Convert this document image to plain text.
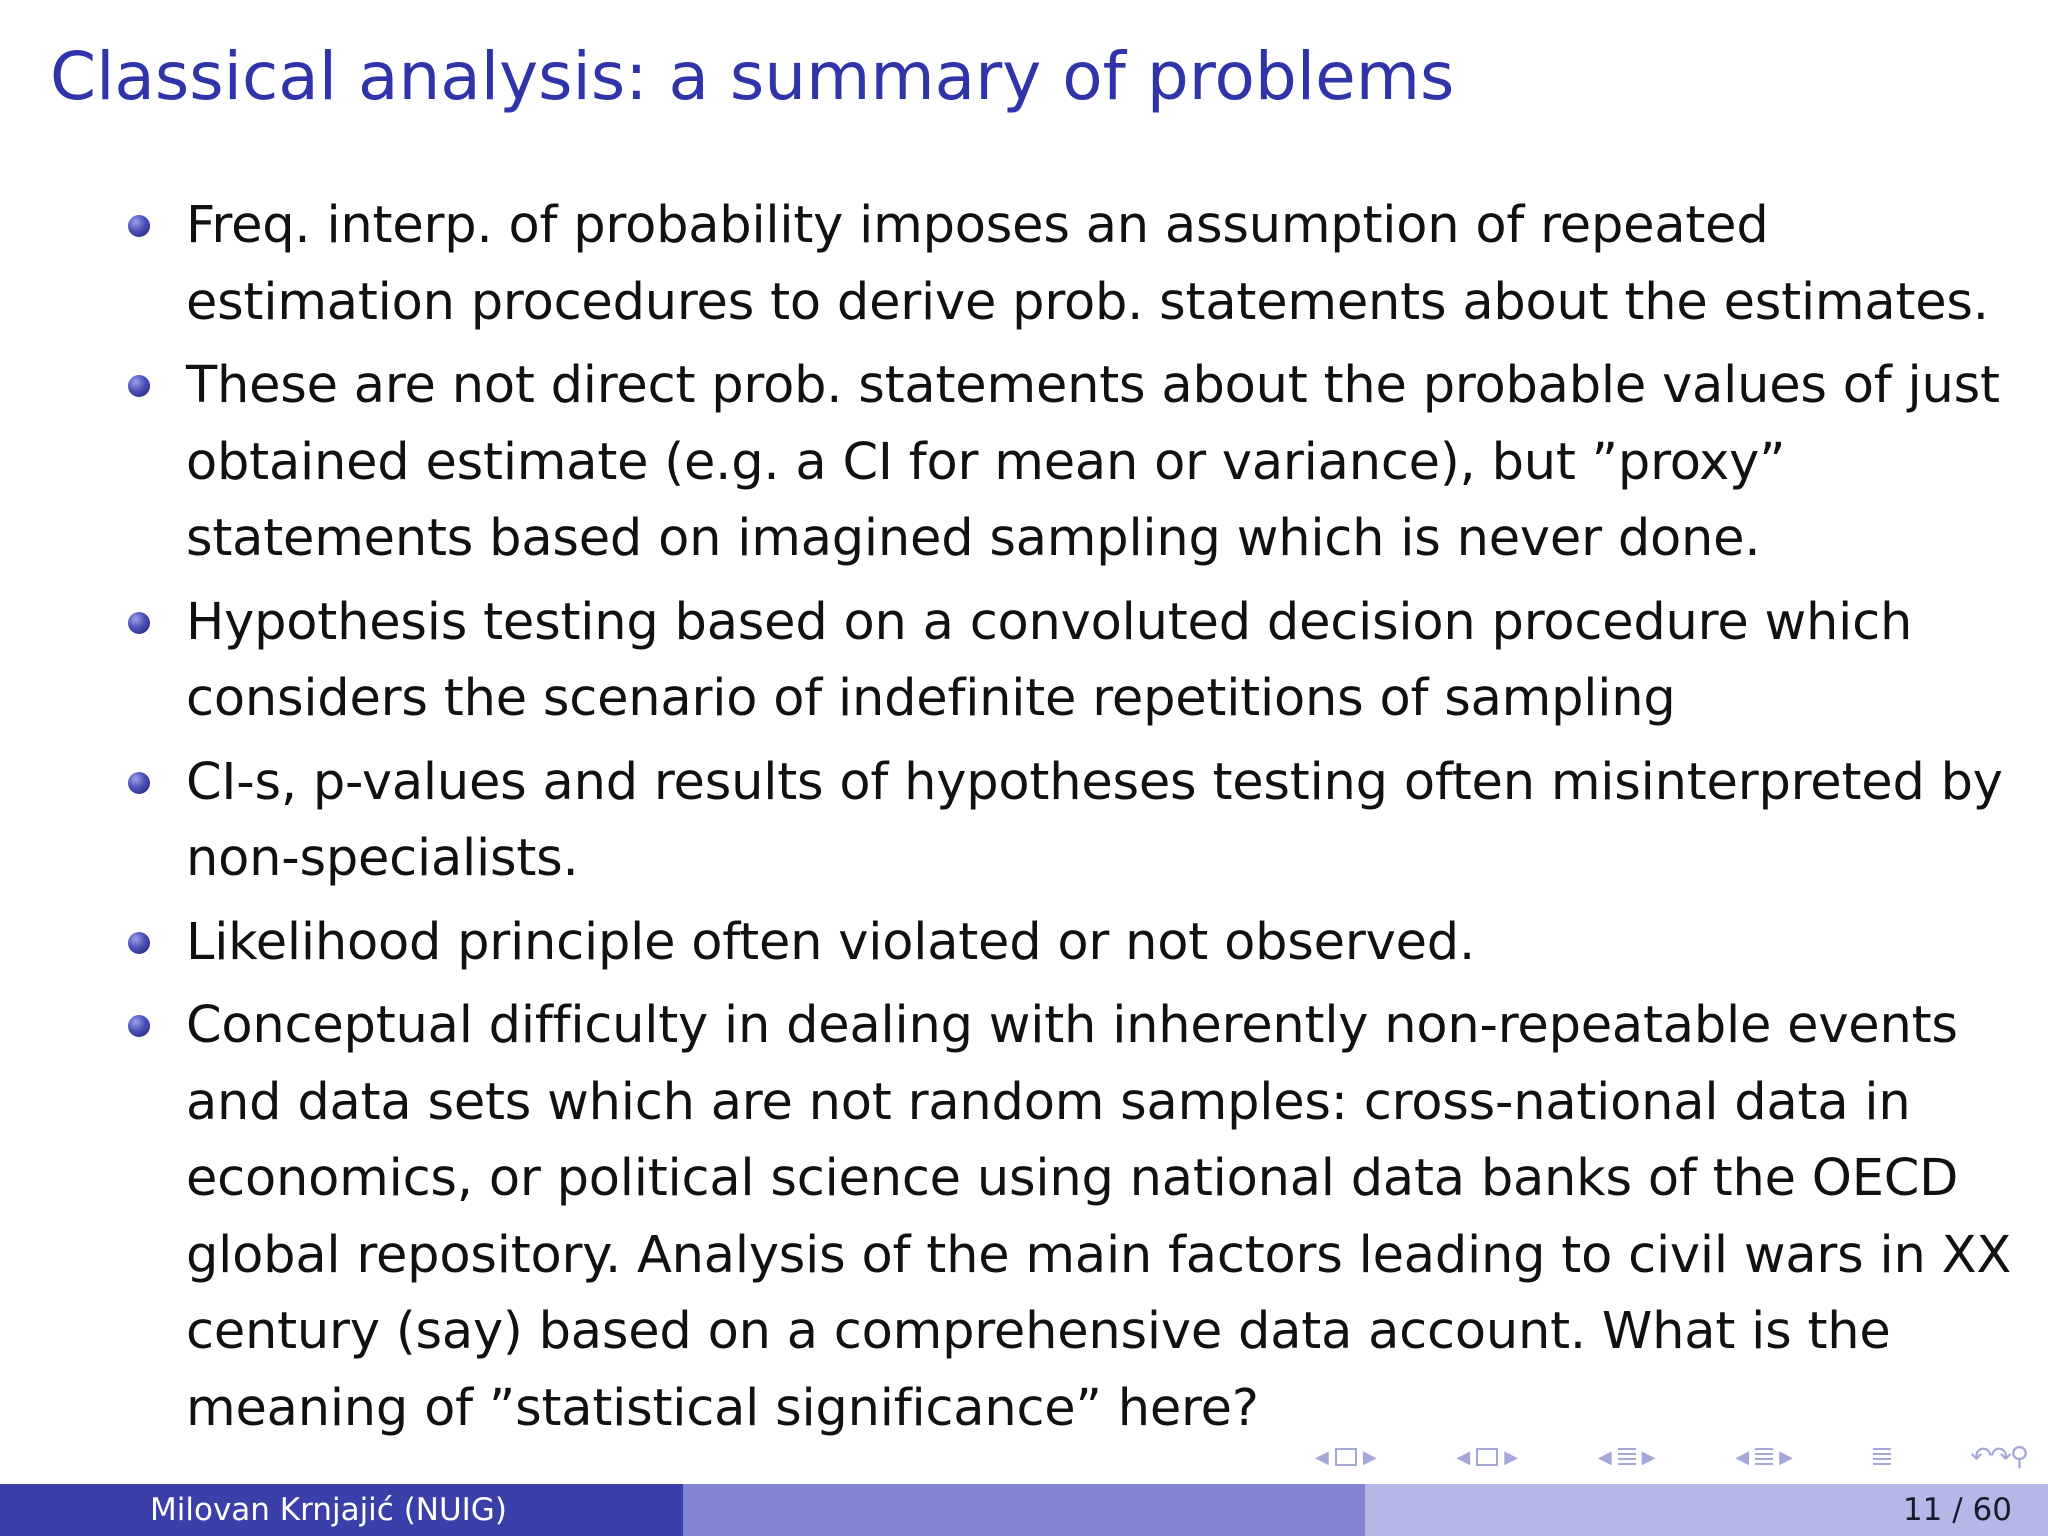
Classical analysis: a summary of problems
Freq. interp. of probability imposes an assumption of repeated estimation procedures to derive prob. statements about the estimates.
These are not direct prob. statements about the probable values of just obtained estimate (e.g. a CI for mean or variance), but ”proxy” statements based on imagined sampling which is never done.
Hypothesis testing based on a convoluted decision procedure which considers the scenario of indefinite repetitions of sampling
CI-s, p-values and results of hypotheses testing often misinterpreted by non-specialists.
Likelihood principle often violated or not observed.
Conceptual difficulty in dealing with inherently non-repeatable events and data sets which are not random samples: cross-national data in economics, or political science using national data banks of the OECD global repository. Analysis of the main factors leading to civil wars in XX century (say) based on a comprehensive data account. What is the meaning of ”statistical significance” here?
◀ ▶	◀ ▶	◀ ▶	◀ ▶	↶↷⚲
Milovan Krnjajić (NUIG)	11 / 60
